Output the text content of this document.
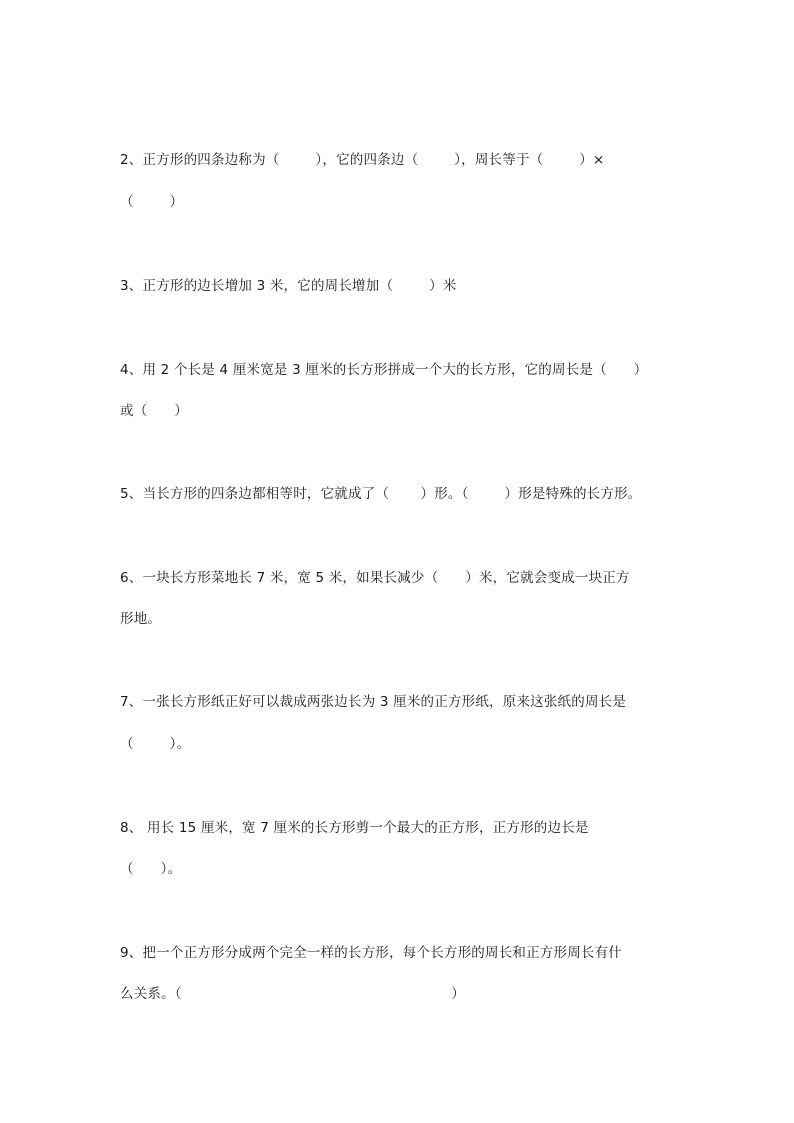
2、正方形的四条边称为（        ），它的四条边（        ），周长等于（        ）×
（        ）
3、正方形的边长增加 3 米，它的周长增加（        ）米
4、用 2 个长是 4 厘米宽是 3 厘米的长方形拼成一个大的长方形，它的周长是（      ）
或（      ）
5、当长方形的四条边都相等时，它就成了（       ）形。（        ）形是特殊的长方形。
6、一块长方形菜地长 7 米，宽 5 米，如果长减少（      ）米，它就会变成一块正方
形地。
7、一张长方形纸正好可以裁成两张边长为 3 厘米的正方形纸，原来这张纸的周长是
（        ）。
8、 用长 15 厘米，宽 7 厘米的长方形剪一个最大的正方形，正方形的边长是
（      ）。
9、把一个正方形分成两个完全一样的长方形，每个长方形的周长和正方形周长有什
么关系。（                                                            ）
